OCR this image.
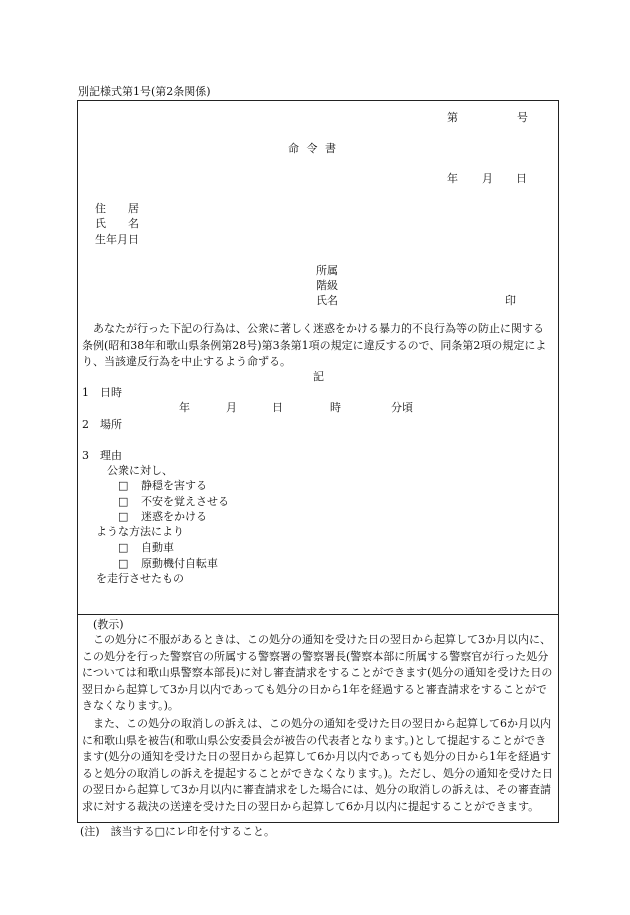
別記様式第1号(第2条関係)
第	号
命 令 書
年 月 日
住　　居
氏　　名
生年月日
所属
階級
氏名	印
　あなたが行った下記の行為は、公衆に著しく迷惑をかける暴力的不良行為等の防止に関する条例(昭和38年和歌山県条例第28号)第3条第1項の規定に違反するので、同条第2項の規定により、当該違反行為を中止するよう命ずる。
記
1　日時
年	月	日	時	分頃
2　場所
3　理由
公衆に対し、
□ 静穏を害する
□ 不安を覚えさせる
□ 迷惑をかける
ような方法により
□ 自動車
□ 原動機付自転車
を走行させたもの
(教示)
　この処分に不服があるときは、この処分の通知を受けた日の翌日から起算して3か月以内に、この処分を行った警察官の所属する警察署の警察署長(警察本部に所属する警察官が行った処分については和歌山県警察本部長)に対し審査請求をすることができます(処分の通知を受けた日の翌日から起算して3か月以内であっても処分の日から1年を経過すると審査請求をすることができなくなります。)。
　また、この処分の取消しの訴えは、この処分の通知を受けた日の翌日から起算して6か月以内に和歌山県を被告(和歌山県公安委員会が被告の代表者となります。)として提起することができます(処分の通知を受けた日の翌日から起算して6か月以内であっても処分の日から1年を経過すると処分の取消しの訴えを提起することができなくなります。)。ただし、処分の通知を受けた日の翌日から起算して3か月以内に審査請求をした場合には、処分の取消しの訴えは、その審査請求に対する裁決の送達を受けた日の翌日から起算して6か月以内に提起することができます。
(注)　該当する□にレ印を付すること。
